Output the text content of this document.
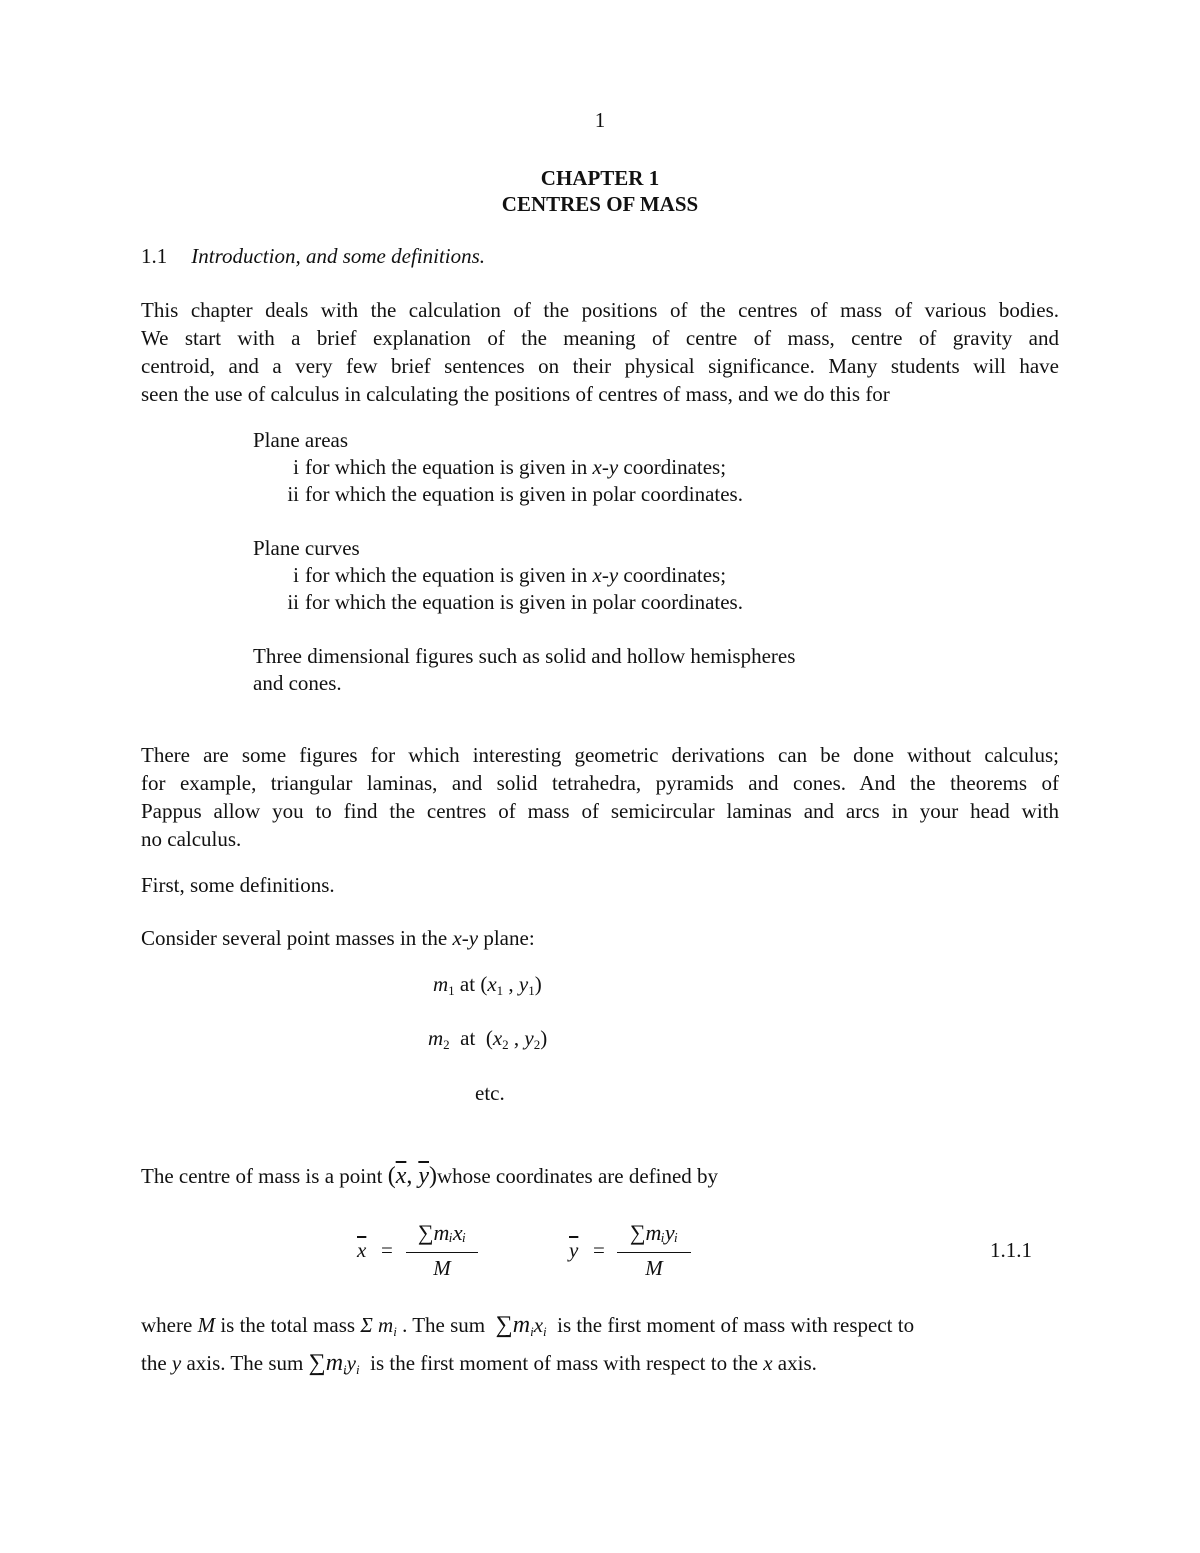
1
CHAPTER 1
CENTRES OF MASS
1.1 Introduction, and some definitions.
This chapter deals with the calculation of the positions of the centres of mass of various bodies.
We start with a brief explanation of the meaning of centre of mass, centre of gravity and
centroid, and a very few brief sentences on their physical significance. Many students will have
seen the use of calculus in calculating the positions of centres of mass, and we do this for
Plane areas
i for which the equation is given in x-y coordinates;
ii for which the equation is given in polar coordinates.
Plane curves
i for which the equation is given in x-y coordinates;
ii for which the equation is given in polar coordinates.
Three dimensional figures such as solid and hollow hemispheres
and cones.
There are some figures for which interesting geometric derivations can be done without calculus;
for example, triangular laminas, and solid tetrahedra, pyramids and cones. And the theorems of
Pappus allow you to find the centres of mass of semicircular laminas and arcs in your head with
no calculus.
First, some definitions.
Consider several point masses in the x-y plane:
$m_1$ at ($x_1$ , $y_1$)
$m_2$ at  ($x_2$ , $y_2$)
etc.
The centre of mass is a point ($\overline{x}$, $\overline{y})whose$ coordinates are defined by
$\overline{x}$ =
∑mᵢxᵢ
M
$\overline{y}$ =
∑mᵢyᵢ
M
1.1.1
where M is the total mass Σ $m_i$ . The sum  $\sum m_ix_i$  is the first moment of mass with respect to
the y axis. The sum $\sum m_iy_i$  is the first moment of mass with respect to the x axis.
